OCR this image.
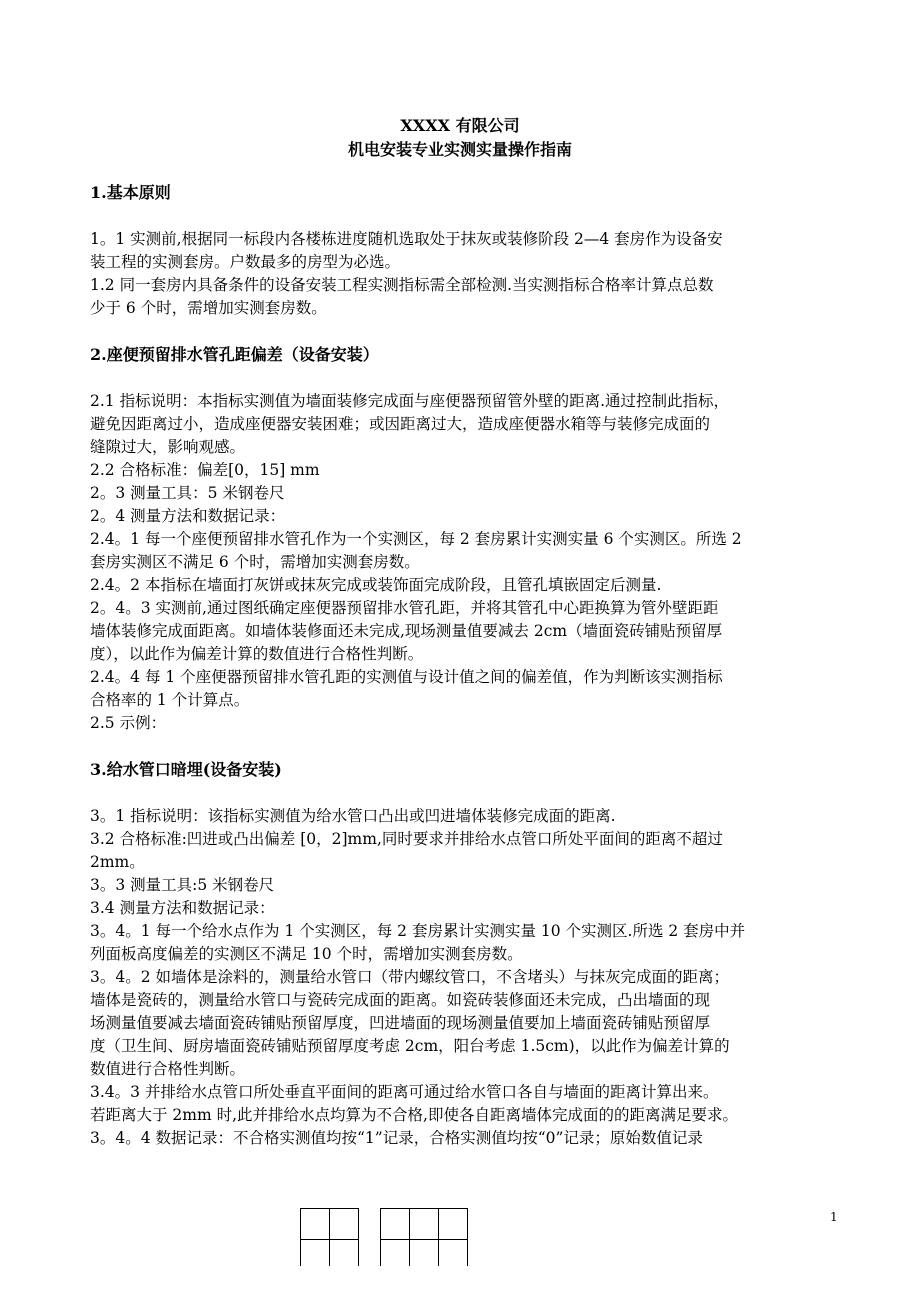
XXXX 有限公司
机电安装专业实测实量操作指南
1.基本原则
1。1 实测前,根据同一标段内各楼栋进度随机选取处于抹灰或装修阶段 2—4 套房作为设备安
装工程的实测套房。户数最多的房型为必选。
1.2 同一套房内具备条件的设备安装工程实测指标需全部检测.当实测指标合格率计算点总数
少于 6 个时，需增加实测套房数。
2.座便预留排水管孔距偏差（设备安装）
2.1 指标说明：本指标实测值为墙面装修完成面与座便器预留管外壁的距离.通过控制此指标，
避免因距离过小，造成座便器安装困难；或因距离过大，造成座便器水箱等与装修完成面的
缝隙过大，影响观感。
2.2 合格标准：偏差[0，15] mm
2。3 测量工具：5 米钢卷尺
2。4 测量方法和数据记录：
2.4。1 每一个座便预留排水管孔作为一个实测区，每 2 套房累计实测实量 6 个实测区。所选 2
套房实测区不满足 6 个时，需增加实测套房数。
2.4。2 本指标在墙面打灰饼或抹灰完成或装饰面完成阶段，且管孔填嵌固定后测量.
2。4。3 实测前,通过图纸确定座便器预留排水管孔距，并将其管孔中心距换算为管外壁距距
墙体装修完成面距离。如墙体装修面还未完成,现场测量值要减去 2cm（墙面瓷砖铺贴预留厚
度），以此作为偏差计算的数值进行合格性判断。
2.4。4 每 1 个座便器预留排水管孔距的实测值与设计值之间的偏差值，作为判断该实测指标
合格率的 1 个计算点。
2.5 示例：
3.给水管口暗埋(设备安装)
3。1 指标说明：该指标实测值为给水管口凸出或凹进墙体装修完成面的距离.
3.2 合格标准:凹进或凸出偏差 [0，2]mm,同时要求并排给水点管口所处平面间的距离不超过
2mm。
3。3 测量工具:5 米钢卷尺
3.4 测量方法和数据记录：
3。4。1 每一个给水点作为 1 个实测区，每 2 套房累计实测实量 10 个实测区.所选 2 套房中并
列面板高度偏差的实测区不满足 10 个时，需增加实测套房数。
3。4。2 如墙体是涂料的，测量给水管口（带内螺纹管口，不含堵头）与抹灰完成面的距离；
墙体是瓷砖的，测量给水管口与瓷砖完成面的距离。如瓷砖装修面还未完成，凸出墙面的现
场测量值要减去墙面瓷砖铺贴预留厚度，凹进墙面的现场测量值要加上墙面瓷砖铺贴预留厚
度（卫生间、厨房墙面瓷砖铺贴预留厚度考虑 2cm，阳台考虑 1.5cm)，以此作为偏差计算的
数值进行合格性判断。
3.4。3 并排给水点管口所处垂直平面间的距离可通过给水管口各自与墙面的距离计算出来。
若距离大于 2mm 时,此并排给水点均算为不合格,即使各自距离墙体完成面的的距离满足要求。
3。4。4 数据记录：不合格实测值均按“1”记录，合格实测值均按“0”记录；原始数值记录
1
